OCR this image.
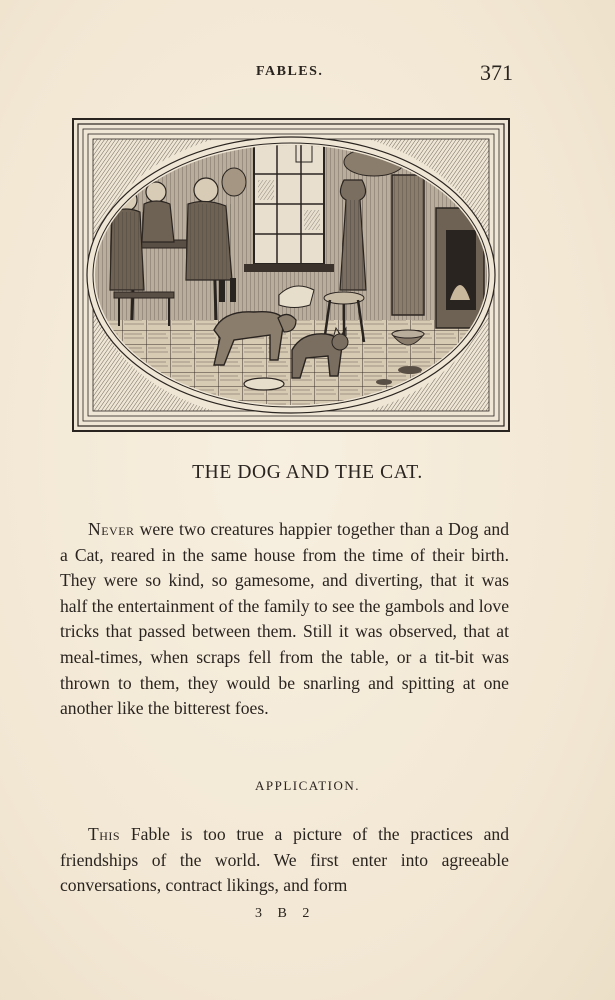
FABLES.	371
THE DOG AND THE CAT.

Never were two creatures happier together than a Dog and a Cat, reared in the same house from the time of their birth. They were so kind, so gamesome, and diverting, that it was half the entertainment of the family to see the gambols and love tricks that passed between them. Still it was observed, that at meal-times, when scraps fell from the table, or a tit-bit was thrown to them, they would be snarling and spitting at one another like the bitterest foes.

APPLICATION.

This Fable is too true a picture of the practices and friendships of the world. We first enter into agreeable conversations, contract likings, and form

3 B 2
